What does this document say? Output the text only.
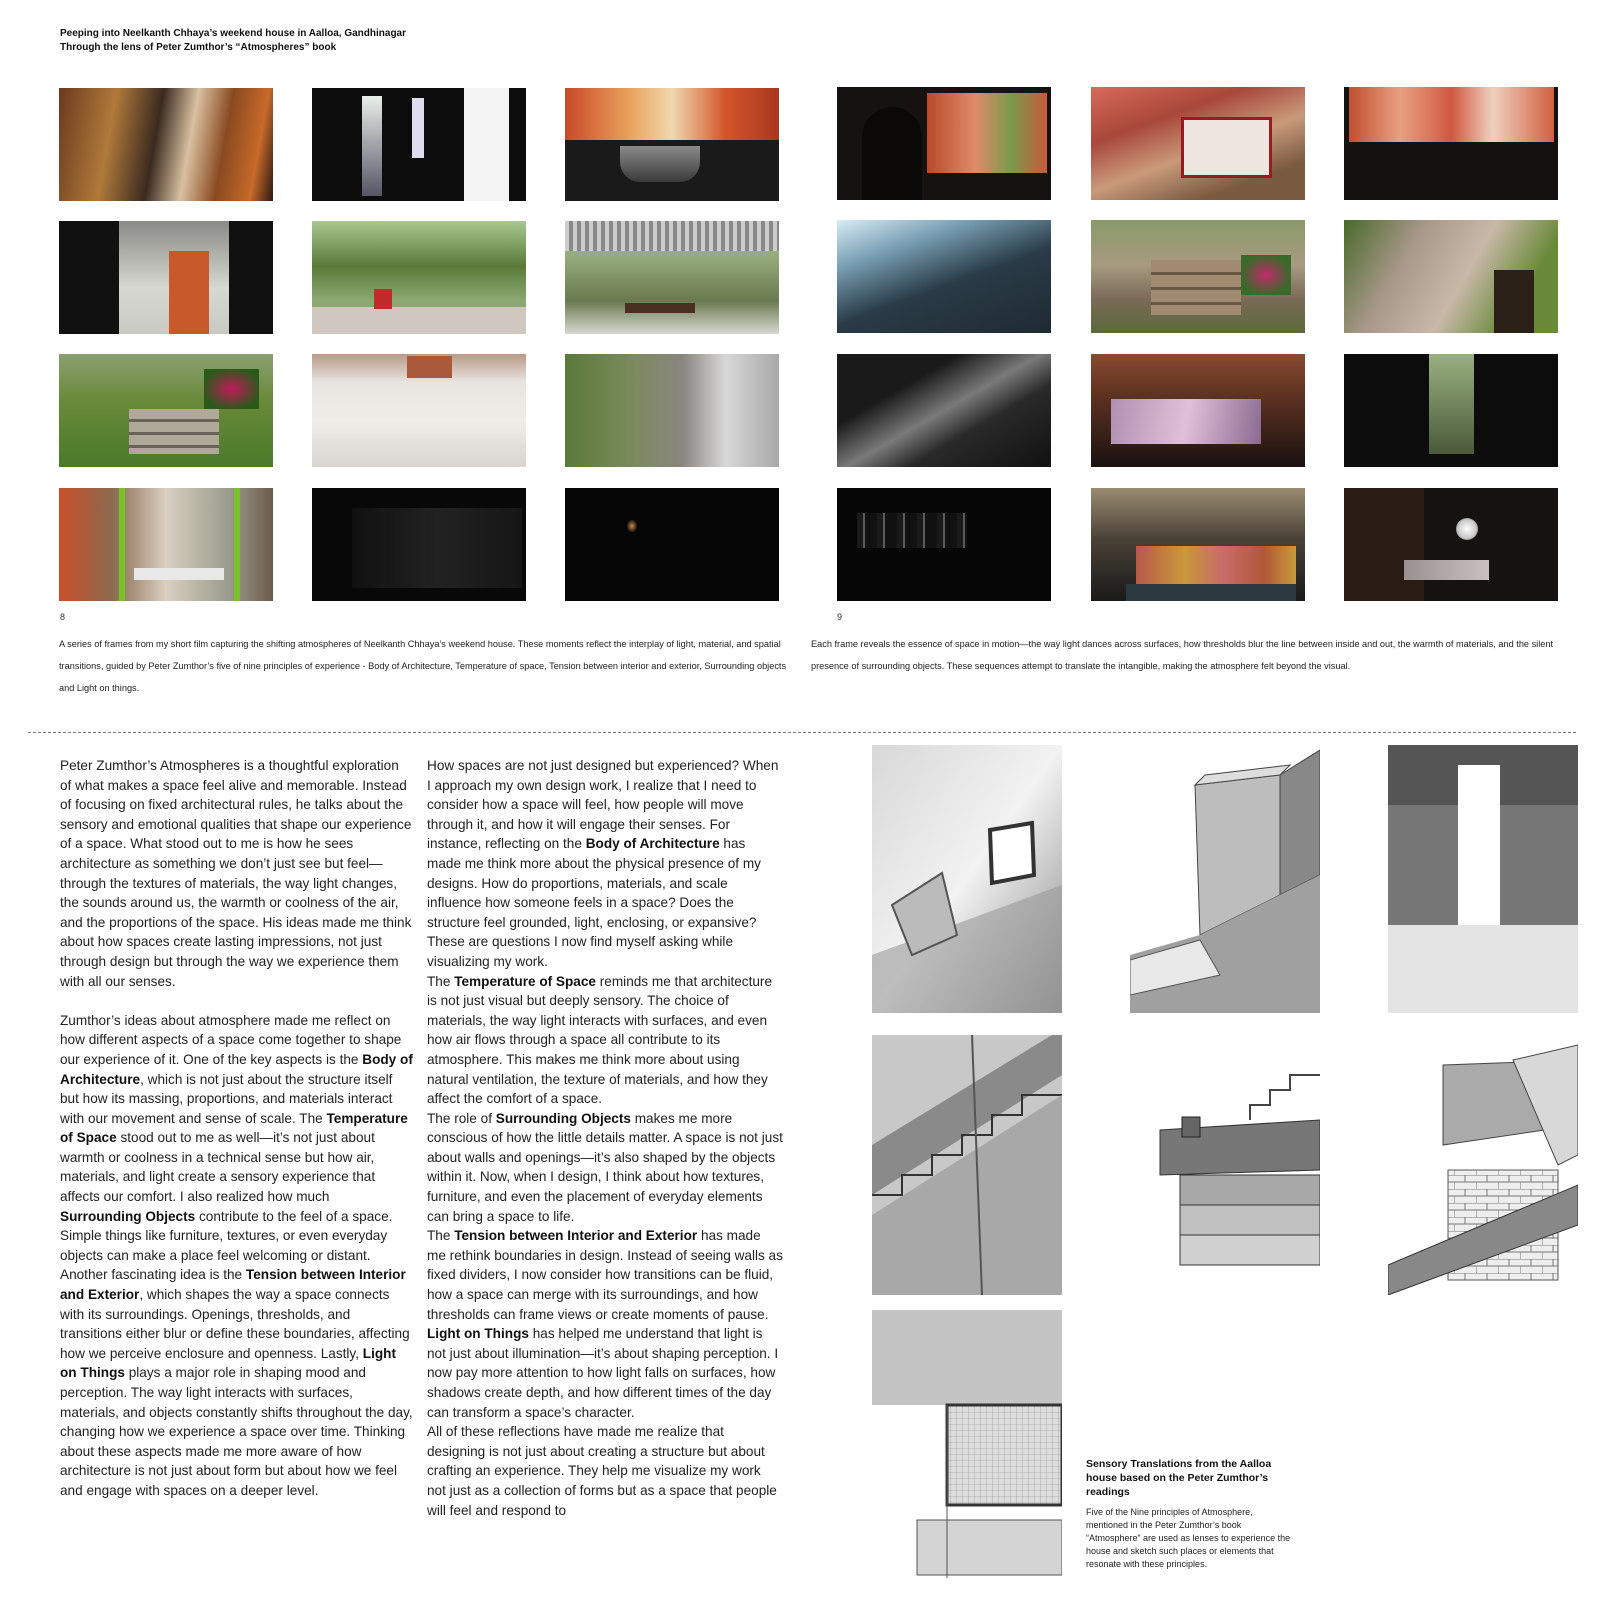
Peeping into Neelkanth Chhaya’s weekend house in Aalloa, Gandhinagar
Through the lens of Peter Zumthor’s “Atmospheres” book
8	9
A series of frames from my short film capturing the shifting atmospheres of Neelkanth Chhaya’s weekend house. These moments reflect the interplay of light, material, and spatial transitions, guided by Peter Zumthor’s five of nine principles of experience - Body of Architecture, Temperature of space, Tension between interior and exterior, Surrounding objects and Light on things.
Each frame reveals the essence of space in motion—the way light dances across surfaces, how thresholds blur the line between inside and out, the warmth of materials, and the silent presence of surrounding objects. These sequences attempt to translate the intangible, making the atmosphere felt beyond the visual.

Peter Zumthor’s Atmospheres is a thoughtful exploration of what makes a space feel alive and memorable. Instead of focusing on fixed architectural rules, he talks about the sensory and emotional qualities that shape our experience of a space. What stood out to me is how he sees architecture as something we don’t just see but feel—through the textures of materials, the way light changes, the sounds around us, the warmth or coolness of the air, and the proportions of the space. His ideas made me think about how spaces create lasting impressions, not just through design but through the way we experience them with all our senses.

Zumthor’s ideas about atmosphere made me reflect on how different aspects of a space come together to shape our experience of it. One of the key aspects is the Body of Architecture, which is not just about the structure itself but how its massing, proportions, and materials interact with our movement and sense of scale. The Temperature of Space stood out to me as well—it’s not just about warmth or coolness in a technical sense but how air, materials, and light create a sensory experience that affects our comfort. I also realized how much Surrounding Objects contribute to the feel of a space. Simple things like furniture, textures, or even everyday objects can make a place feel welcoming or distant. Another fascinating idea is the Tension between Interior and Exterior, which shapes the way a space connects with its surroundings. Openings, thresholds, and transitions either blur or define these boundaries, affecting how we perceive enclosure and openness. Lastly, Light on Things plays a major role in shaping mood and perception. The way light interacts with surfaces, materials, and objects constantly shifts throughout the day, changing how we experience a space over time. Thinking about these aspects made me more aware of how architecture is not just about form but about how we feel and engage with spaces on a deeper level.

How spaces are not just designed but experienced? When I approach my own design work, I realize that I need to consider how a space will feel, how people will move through it, and how it will engage their senses. For instance, reflecting on the Body of Architecture has made me think more about the physical presence of my designs. How do proportions, materials, and scale influence how someone feels in a space? Does the structure feel grounded, light, enclosing, or expansive? These are questions I now find myself asking while visualizing my work.

The Temperature of Space reminds me that architecture is not just visual but deeply sensory. The choice of materials, the way light interacts with surfaces, and even how air flows through a space all contribute to its atmosphere. This makes me think more about using natural ventilation, the texture of materials, and how they affect the comfort of a space.

The role of Surrounding Objects makes me more conscious of how the little details matter. A space is not just about walls and openings—it’s also shaped by the objects within it. Now, when I design, I think about how textures, furniture, and even the placement of everyday elements can bring a space to life.

The Tension between Interior and Exterior has made me rethink boundaries in design. Instead of seeing walls as fixed dividers, I now consider how transitions can be fluid, how a space can merge with its surroundings, and how thresholds can frame views or create moments of pause.

Light on Things has helped me understand that light is not just about illumination—it’s about shaping perception. I now pay more attention to how light falls on surfaces, how shadows create depth, and how different times of the day can transform a space’s character.

All of these reflections have made me realize that designing is not just about creating a structure but about crafting an experience. They help me visualize my work not just as a collection of forms but as a space that people will feel and respond to

Sensory Translations from the Aalloa house based on the Peter Zumthor’s readings
Five of the Nine principles of Atmosphere, mentioned in the Peter Zumthor’s book “Atmosphere” are used as lenses to experience the house and sketch such places or elements that resonate with these principles.
